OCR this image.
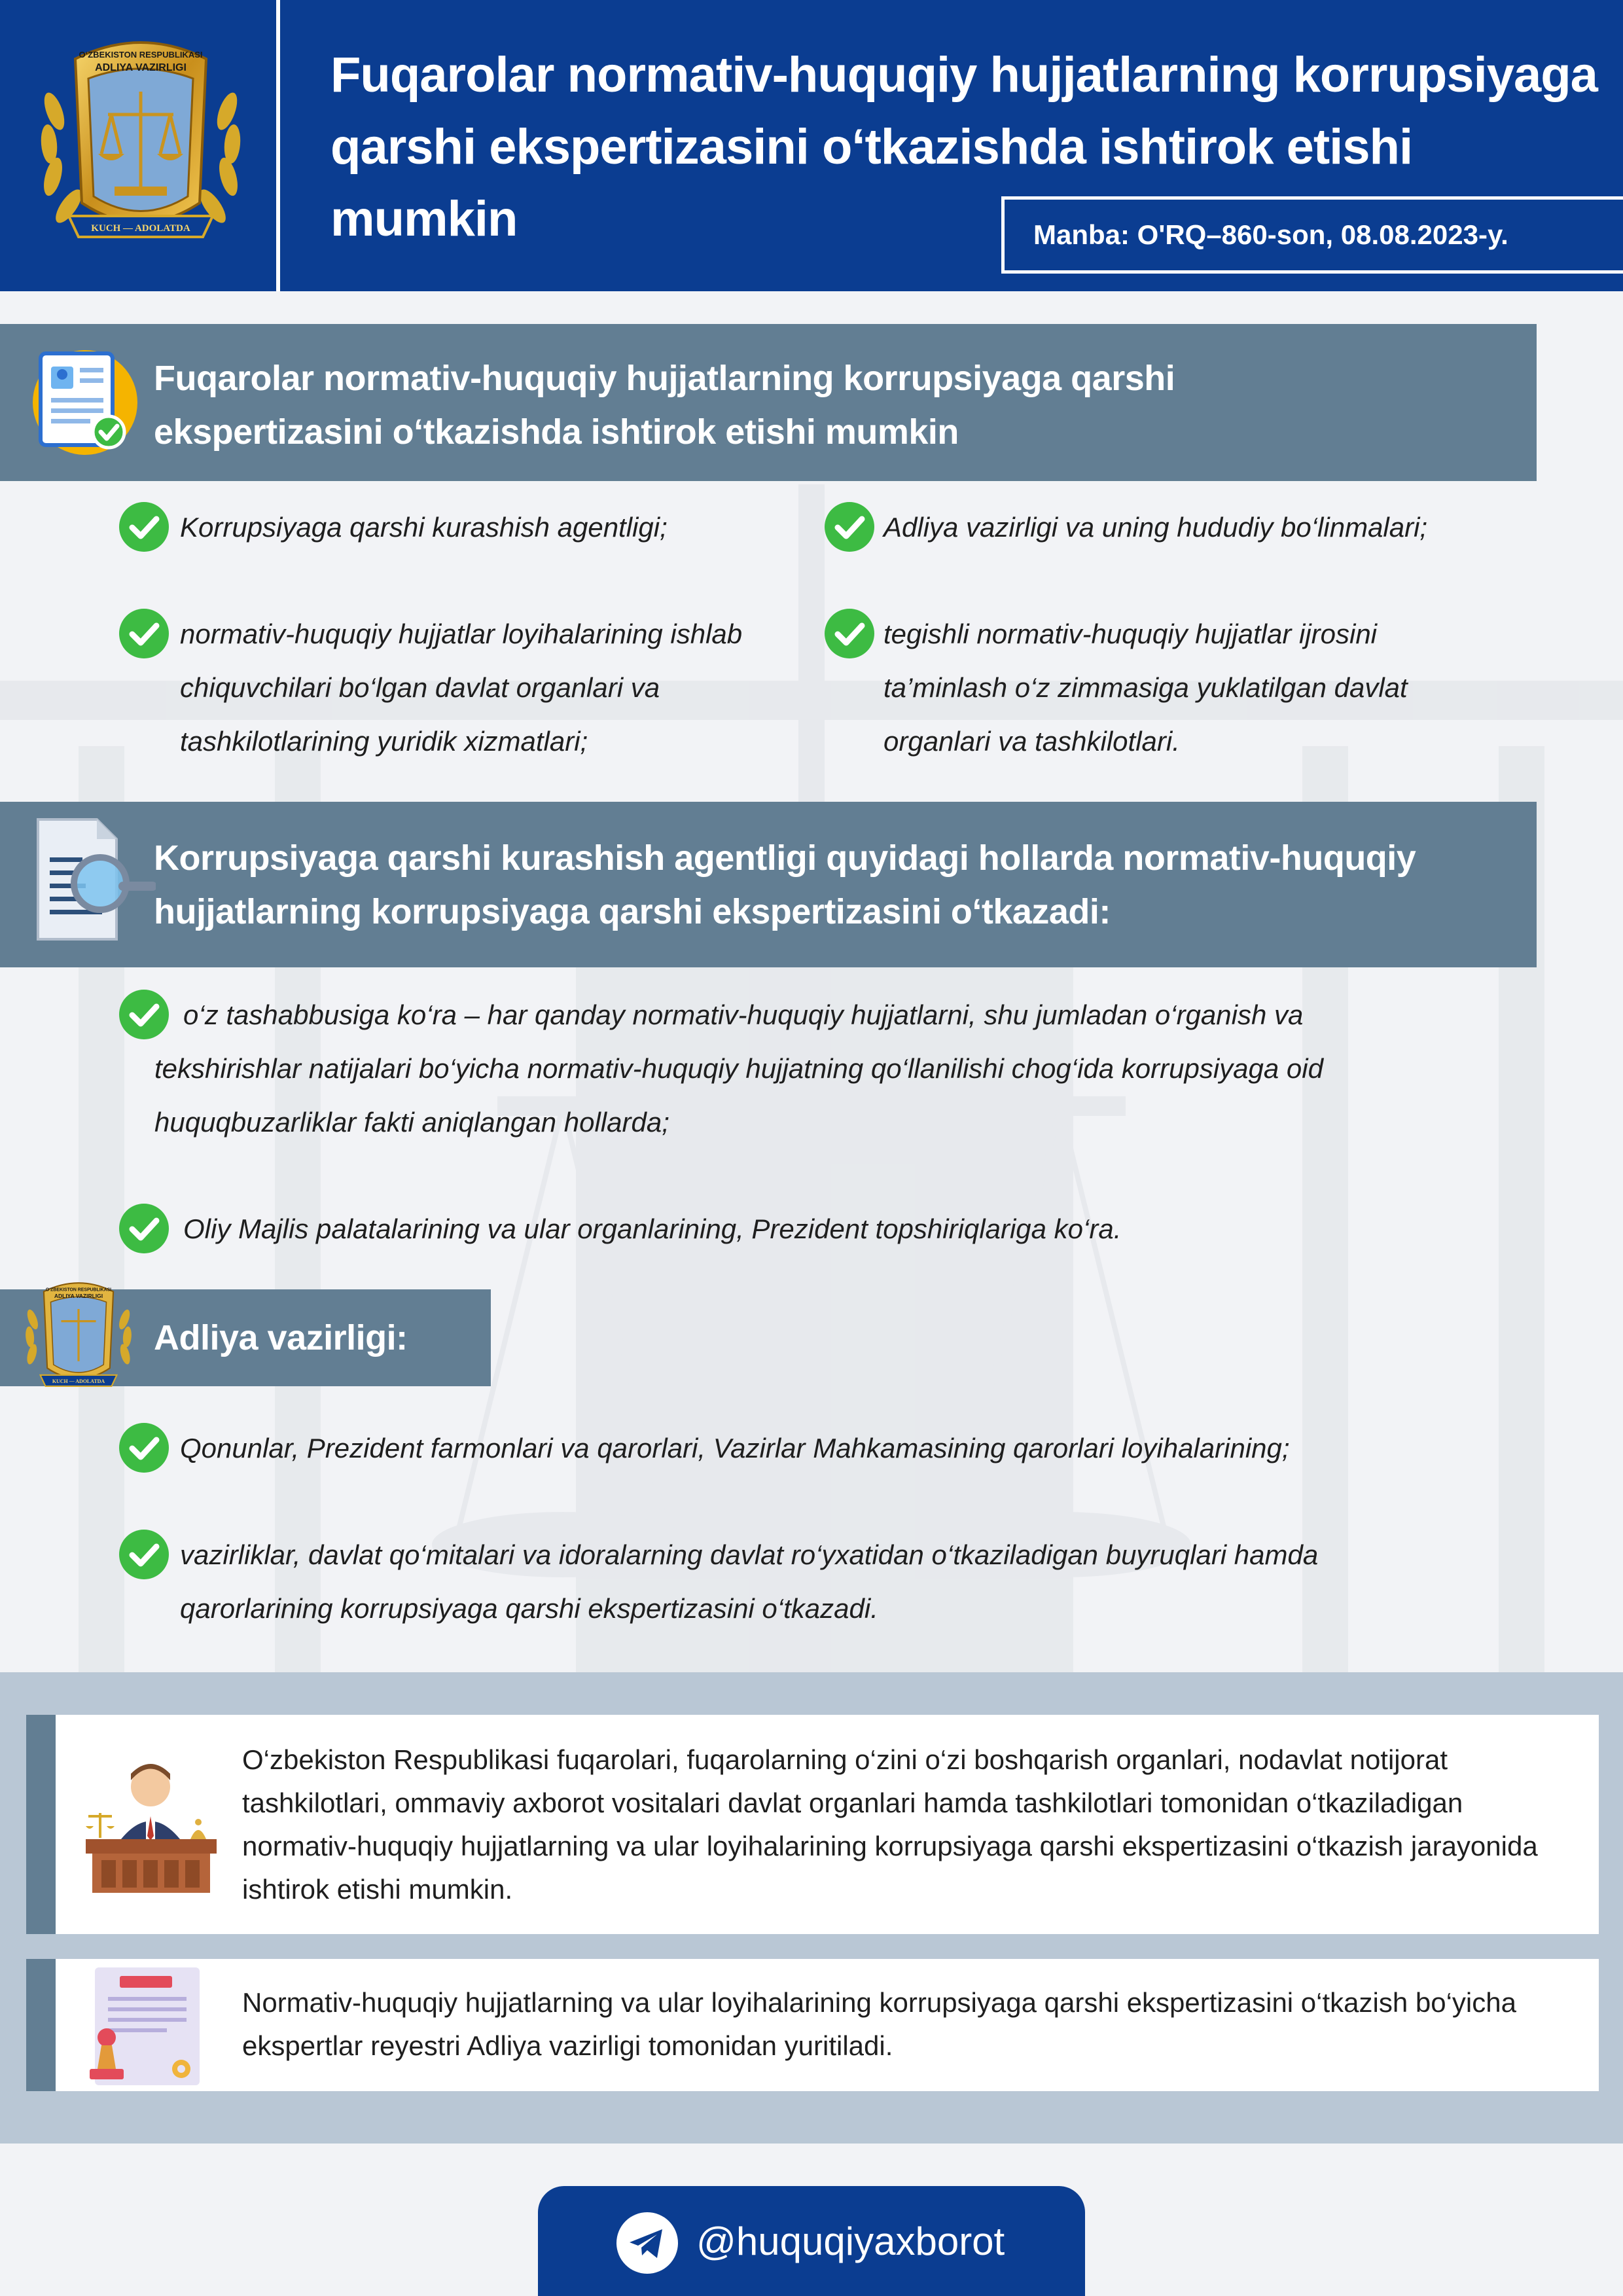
O‘ZBEKISTON RESPUBLIKASI
ADLIYA VAZIRLIGI
KUCH — ADOLATDA
Fuqarolar normativ-huquqiy hujjatlarning korrupsiyaga qarshi ekspertizasini o‘tkazishda ishtirok etishi mumkin	Manba: O'RQ–860-son, 08.08.2023-y.
Fuqarolar normativ-huquqiy hujjatlarning korrupsiyaga qarshi ekspertizasini o‘tkazishda ishtirok etishi mumkin
Korrupsiyaga qarshi kurashish agentligi;	Adliya vazirligi va uning hududiy bo‘linmalari;
normativ-huquqiy hujjatlar loyihalarining ishlab chiquvchilari bo‘lgan davlat organlari va tashkilotlarining yuridik xizmatlari;
tegishli normativ-huquqiy hujjatlar ijrosini ta’minlash o‘z zimmasiga yuklatilgan davlat organlari va tashkilotlari.
Korrupsiyaga qarshi kurashish agentligi quyidagi hollarda normativ-huquqiy hujjatlarning korrupsiyaga qarshi ekspertizasini o‘tkazadi:
o‘z tashabbusiga ko‘ra – har qanday normativ-huquqiy hujjatlarni, shu jumladan o‘rganish va tekshirishlar natijalari bo‘yicha normativ-huquqiy hujjatning qo‘llanilishi chog‘ida korrupsiyaga oid huquqbuzarliklar fakti aniqlangan hollarda;
Oliy Majlis palatalarining va ular organlarining, Prezident topshiriqlariga ko‘ra.
Adliya vazirligi:
O‘ZBEKISTON RESPUBLIKASI
ADLIYA VAZIRLIGI
KUCH — ADOLATDA
Qonunlar, Prezident farmonlari va qarorlari, Vazirlar Mahkamasining qarorlari loyihalarining;
vazirliklar, davlat qo‘mitalari va idoralarning davlat ro‘yxatidan o‘tkaziladigan buyruqlari hamda qarorlarining korrupsiyaga qarshi ekspertizasini o‘tkazadi.
O‘zbekiston Respublikasi fuqarolari, fuqarolarning o‘zini o‘zi boshqarish organlari, nodavlat notijorat tashkilotlari, ommaviy axborot vositalari davlat organlari hamda tashkilotlari tomonidan o‘tkaziladigan normativ-huquqiy hujjatlarning va ular loyihalarining korrupsiyaga qarshi ekspertizasini o‘tkazish jarayonida ishtirok etishi mumkin.
Normativ-huquqiy hujjatlarning va ular loyihalarining korrupsiyaga qarshi ekspertizasini o‘tkazish bo‘yicha ekspertlar reyestri Adliya vazirligi tomonidan yuritiladi.
@huquqiyaxborot
